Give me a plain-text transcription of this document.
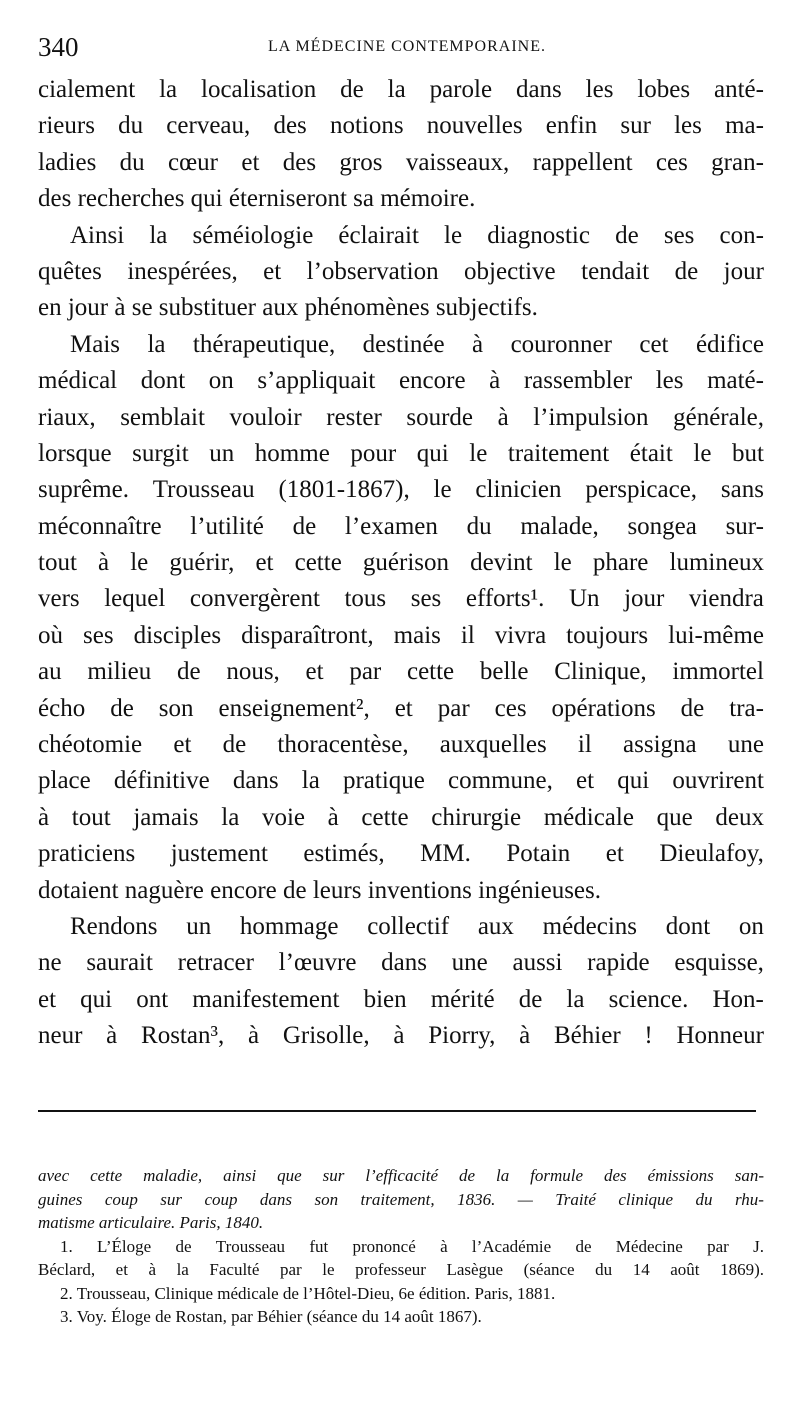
340	LA MÉDECINE CONTEMPORAINE.
cialement la localisation de la parole dans les lobes anté-
rieurs du cerveau, des notions nouvelles enfin sur les ma-
ladies du cœur et des gros vaisseaux, rappellent ces gran-
des recherches qui éterniseront sa mémoire.
Ainsi la séméiologie éclairait le diagnostic de ses con-
quêtes inespérées, et l’observation objective tendait de jour
en jour à se substituer aux phénomènes subjectifs.
Mais la thérapeutique, destinée à couronner cet édifice
médical dont on s’appliquait encore à rassembler les maté-
riaux, semblait vouloir rester sourde à l’impulsion générale,
lorsque surgit un homme pour qui le traitement était le but
suprême. Trousseau (1801-1867), le clinicien perspicace, sans
méconnaître l’utilité de l’examen du malade, songea sur-
tout à le guérir, et cette guérison devint le phare lumineux
vers lequel convergèrent tous ses efforts¹. Un jour viendra
où ses disciples disparaîtront, mais il vivra toujours lui-même
au milieu de nous, et par cette belle Clinique, immortel
écho de son enseignement², et par ces opérations de tra-
chéotomie et de thoracentèse, auxquelles il assigna une
place définitive dans la pratique commune, et qui ouvrirent
à tout jamais la voie à cette chirurgie médicale que deux
praticiens justement estimés, MM. Potain et Dieulafoy,
dotaient naguère encore de leurs inventions ingénieuses.
Rendons un hommage collectif aux médecins dont on
ne saurait retracer l’œuvre dans une aussi rapide esquisse,
et qui ont manifestement bien mérité de la science. Hon-
neur à Rostan³, à Grisolle, à Piorry, à Béhier ! Honneur
avec cette maladie, ainsi que sur l’efficacité de la formule des émissions san-
guines coup sur coup dans son traitement, 1836. — Traité clinique du rhu-
matisme articulaire. Paris, 1840.
1. L’Éloge de Trousseau fut prononcé à l’Académie de Médecine par J.
Béclard, et à la Faculté par le professeur Lasègue (séance du 14 août 1869).
2. Trousseau, Clinique médicale de l’Hôtel-Dieu, 6e édition. Paris, 1881.
3. Voy. Éloge de Rostan, par Béhier (séance du 14 août 1867).
